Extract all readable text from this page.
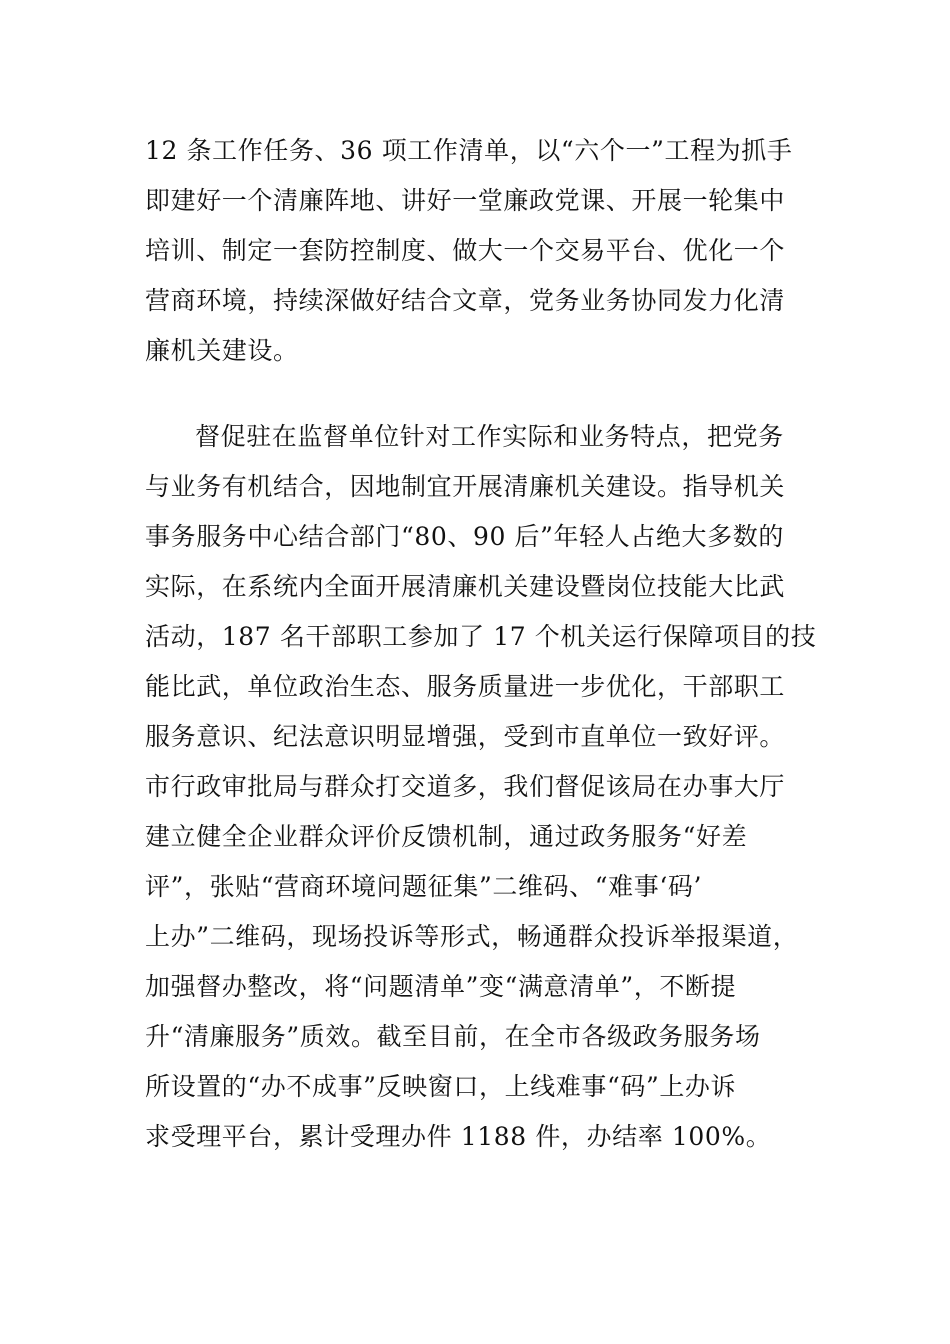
12 条工作任务、36 项工作清单，以“六个一”工程为抓手
即建好一个清廉阵地、讲好一堂廉政党课、开展一轮集中
培训、制定一套防控制度、做大一个交易平台、优化一个
营商环境，持续深做好结合文章，党务业务协同发力化清
廉机关建设。
督促驻在监督单位针对工作实际和业务特点，把党务
与业务有机结合，因地制宜开展清廉机关建设。指导机关
事务服务中心结合部门“80、90 后”年轻人占绝大多数的
实际，在系统内全面开展清廉机关建设暨岗位技能大比武
活动，187 名干部职工参加了 17 个机关运行保障项目的技
能比武，单位政治生态、服务质量进一步优化，干部职工
服务意识、纪法意识明显增强，受到市直单位一致好评。
市行政审批局与群众打交道多，我们督促该局在办事大厅
建立健全企业群众评价反馈机制，通过政务服务“好差
评”，张贴“营商环境问题征集”二维码、“难事‘码’
上办”二维码，现场投诉等形式，畅通群众投诉举报渠道，
加强督办整改，将“问题清单”变“满意清单”，不断提
升“清廉服务”质效。截至目前，在全市各级政务服务场
所设置的“办不成事”反映窗口，上线难事“码”上办诉
求受理平台，累计受理办件 1188 件，办结率 100%。
